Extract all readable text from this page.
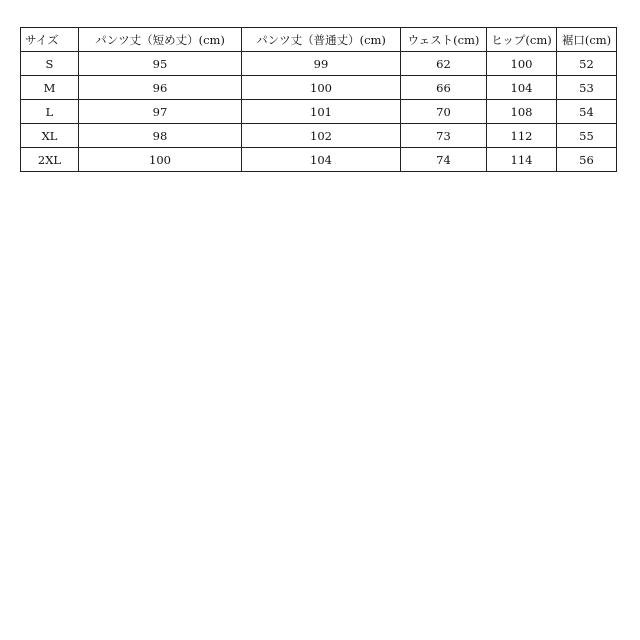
サイズ	パンツ丈（短め丈）(cm)	パンツ丈（普通丈）(cm)	ウェスト(cm)	ヒップ(cm)	裾口(cm)
S	95	99	62	100	52
M	96	100	66	104	53
L	97	101	70	108	54
XL	98	102	73	112	55
2XL	100	104	74	114	56
